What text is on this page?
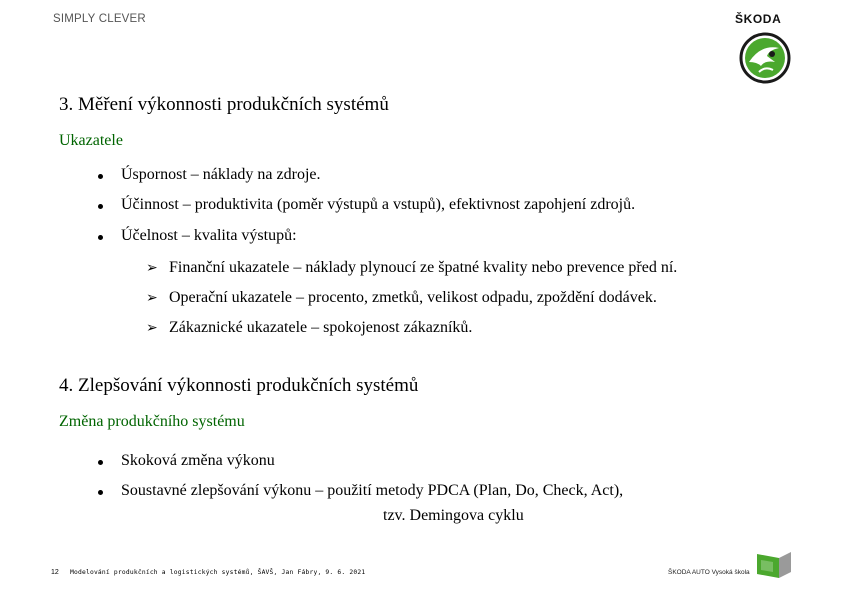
SIMPLY CLEVER	ŠKODA
3. Měření výkonnosti produkčních systémů
Ukazatele
Úspornost – náklady na zdroje.
Účinnost – produktivita (poměr výstupů a vstupů), efektivnost zapohjení zdrojů.
Účelnost – kvalita výstupů:
➢ Finanční ukazatele – náklady plynoucí ze špatné kvality nebo prevence před ní.
➢ Operační ukazatele – procento, zmetků, velikost odpadu, zpoždění dodávek.
➢ Zákaznické ukazatele – spokojenost zákazníků.
4. Zlepšování výkonnosti produkčních systémů
Změna produkčního systému
Skoková změna výkonu
Soustavné zlepšování výkonu – použití metody PDCA (Plan, Do, Check, Act),
tzv. Demingova cyklu
12 Modelování produkčních a logistických systémů, ŠAVŠ, Jan Fábry, 9. 6. 2021	ŠKODA AUTO Vysoká škola
